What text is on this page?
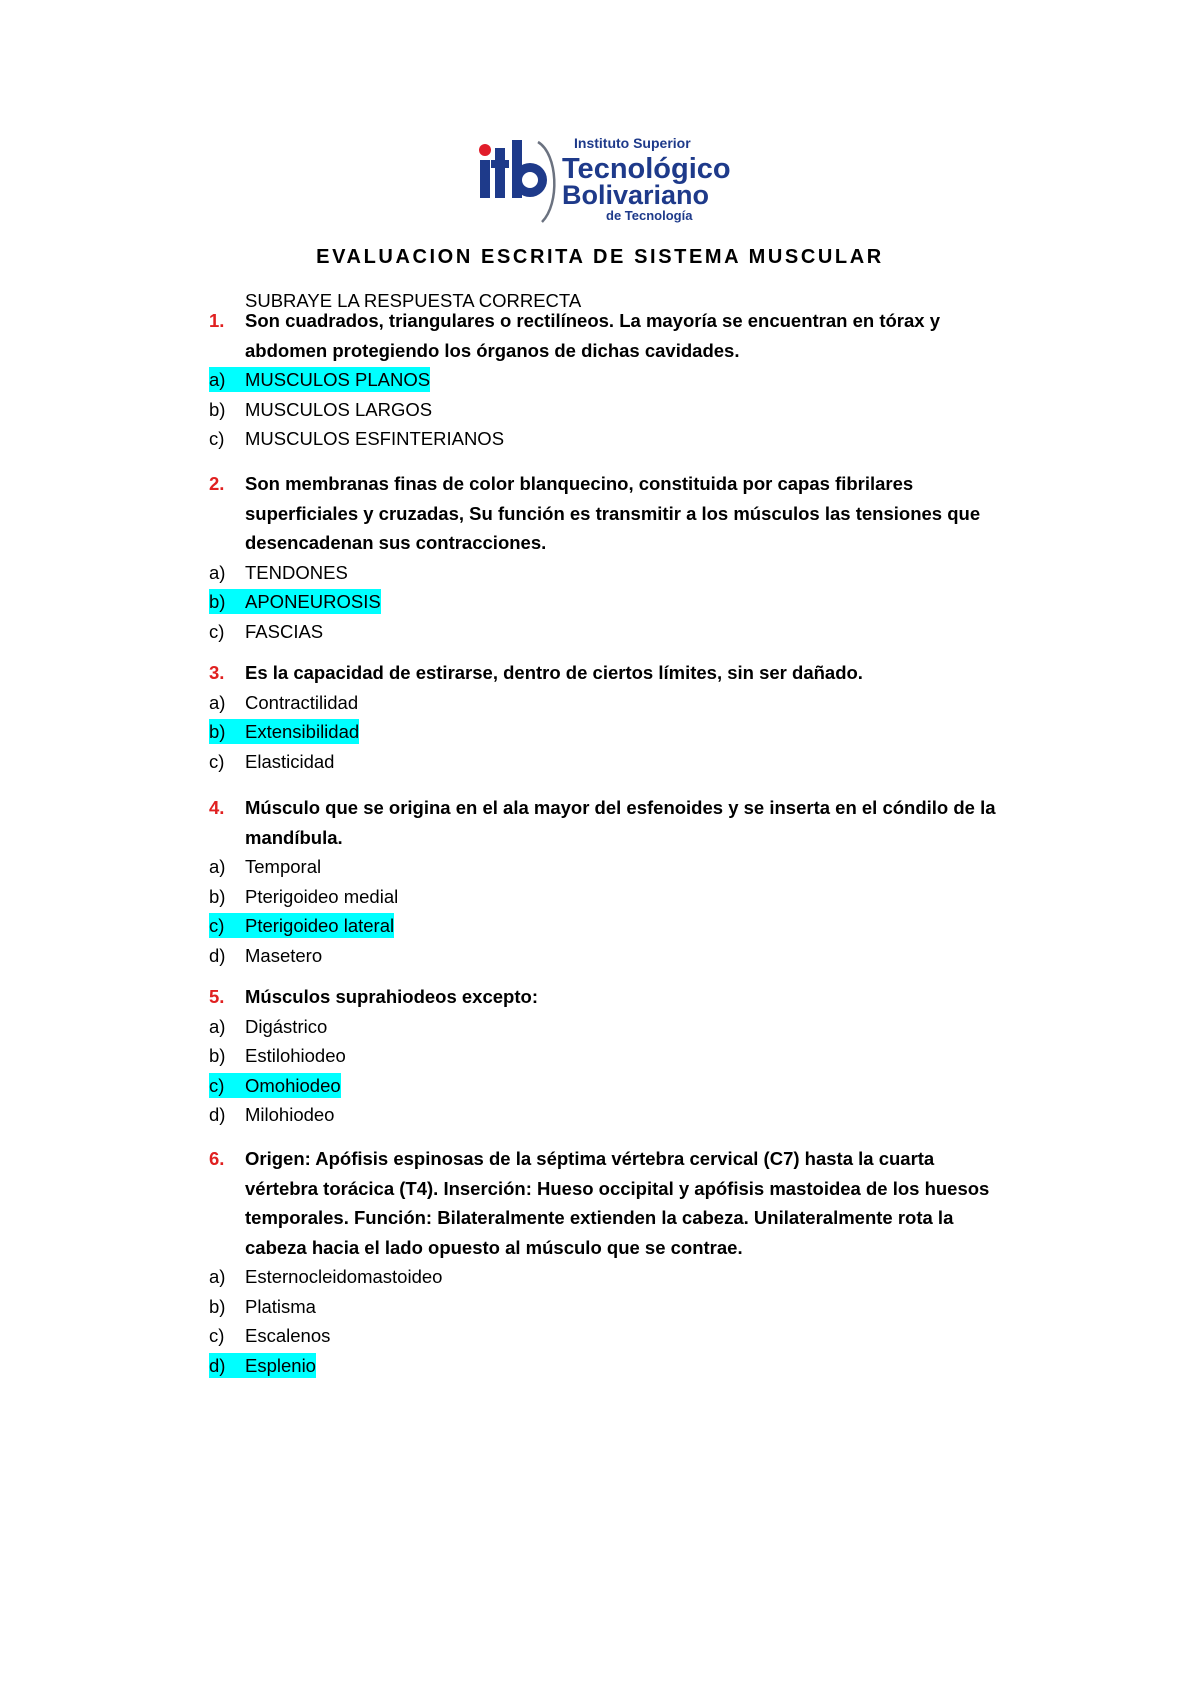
Instituto Superior
Tecnológico
Bolivariano
de Tecnología
EVALUACION ESCRITA DE SISTEMA MUSCULAR
SUBRAYE LA RESPUESTA CORRECTA
1. Son cuadrados, triangulares o rectilíneos. La mayoría se encuentran en tórax y
abdomen protegiendo los órganos de dichas cavidades.
a) MUSCULOS PLANOS
b) MUSCULOS LARGOS
c) MUSCULOS ESFINTERIANOS
2. Son membranas finas de color blanquecino, constituida por capas fibrilares
superficiales y cruzadas, Su función es transmitir a los músculos las tensiones que
desencadenan sus contracciones.
a) TENDONES
b) APONEUROSIS
c) FASCIAS
3. Es la capacidad de estirarse, dentro de ciertos límites, sin ser dañado.
a) Contractilidad
b) Extensibilidad
c) Elasticidad
4. Músculo que se origina en el ala mayor del esfenoides y se inserta en el cóndilo de la
mandíbula.
a) Temporal
b) Pterigoideo medial
c) Pterigoideo lateral
d) Masetero
5. Músculos suprahiodeos excepto:
a) Digástrico
b) Estilohiodeo
c) Omohiodeo
d) Milohiodeo
6. Origen: Apófisis espinosas de la séptima vértebra cervical (C7) hasta la cuarta
vértebra torácica (T4). Inserción: Hueso occipital y apófisis mastoidea de los huesos
temporales. Función: Bilateralmente extienden la cabeza. Unilateralmente rota la
cabeza hacia el lado opuesto al músculo que se contrae.
a) Esternocleidomastoideo
b) Platisma
c) Escalenos
d) Esplenio
